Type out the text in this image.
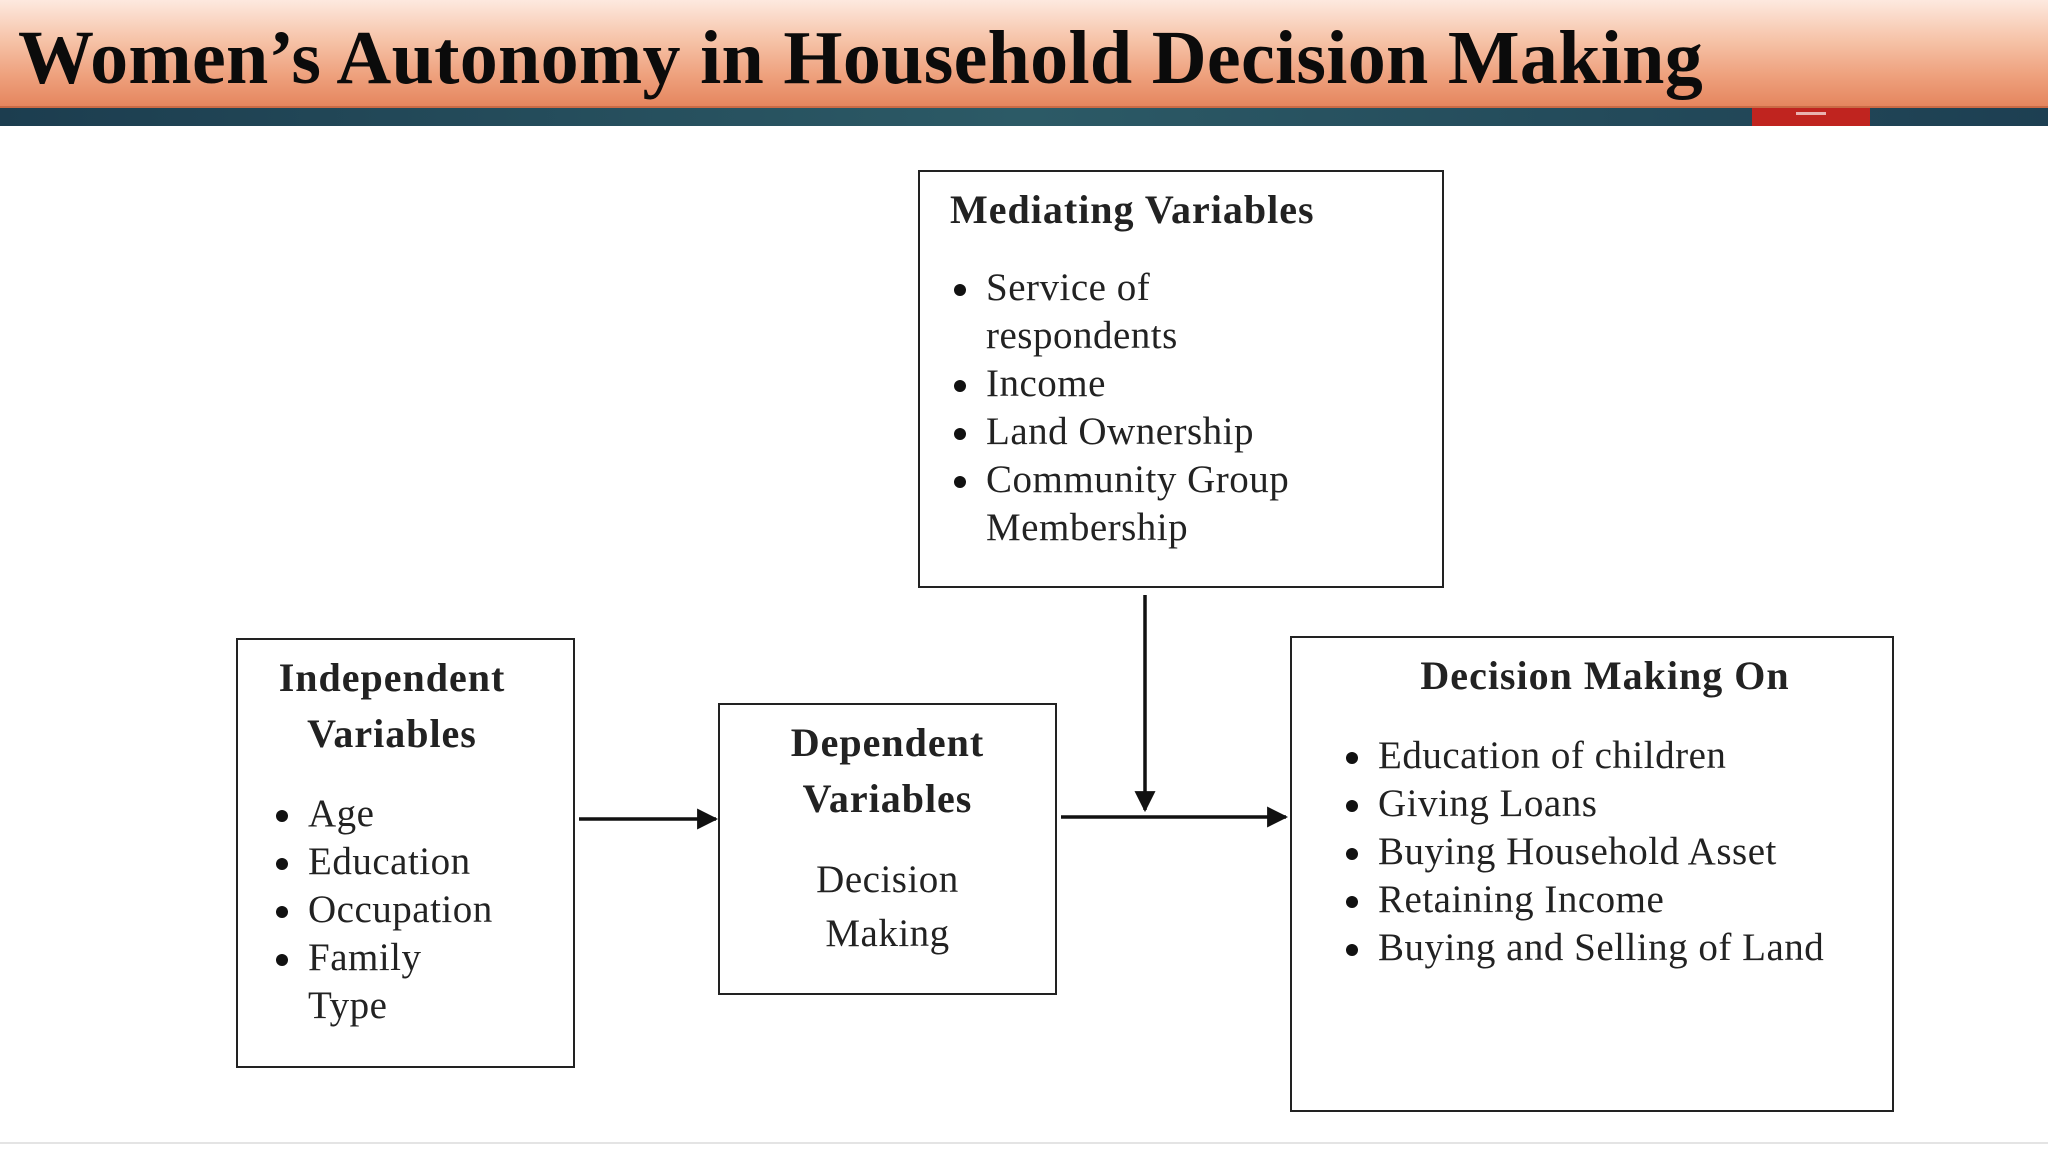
Women’s Autonomy in Household Decision Making
Mediating Variables
Service of respondents
Income
Land Ownership
Community Group Membership
Independent Variables
Age
Education
Occupation
Family Type
Dependent Variables
Decision Making
Decision Making On
Education of children
Giving Loans
Buying Household Asset
Retaining Income
Buying and Selling of Land
